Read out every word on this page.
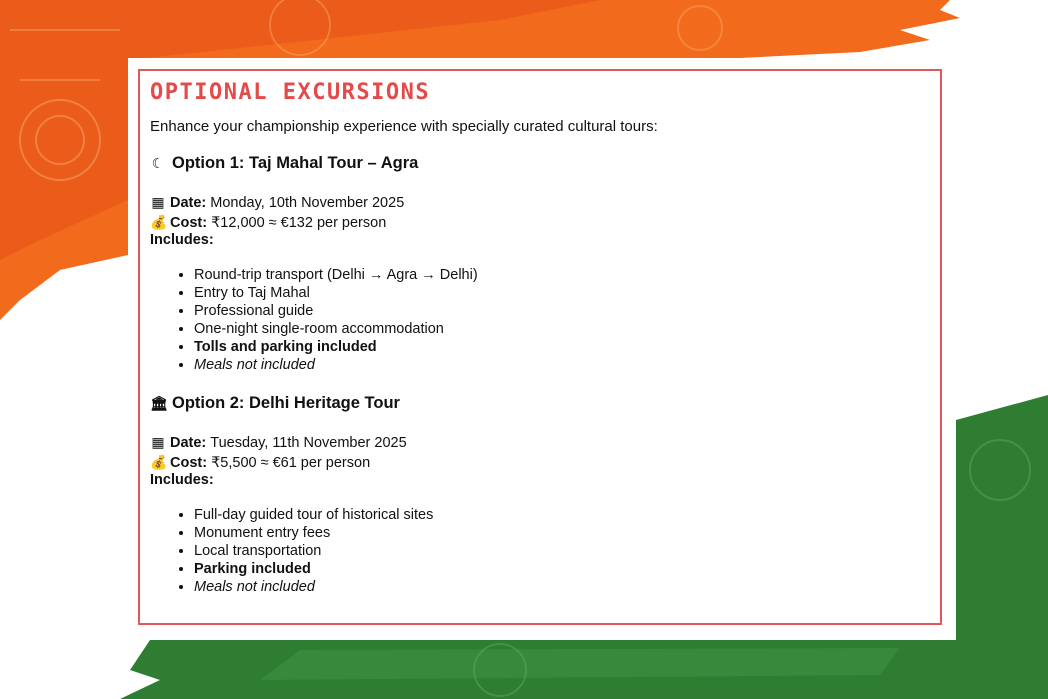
OPTIONAL EXCURSIONS

Enhance your championship experience with specially curated cultural tours:

☾ Option 1: Taj Mahal Tour – Agra
▦ Date: Monday, 10th November 2025
💰 Cost: ₹12,000 ≈ €132 per person
Includes:
• Round-trip transport (Delhi → Agra → Delhi)
• Entry to Taj Mahal
• Professional guide
• One-night single-room accommodation
• Tolls and parking included
• Meals not included
🏛 Option 2: Delhi Heritage Tour
▦ Date: Tuesday, 11th November 2025
💰 Cost: ₹5,500 ≈ €61 per person
Includes:
• Full-day guided tour of historical sites
• Monument entry fees
• Local transportation
• Parking included
• Meals not included
